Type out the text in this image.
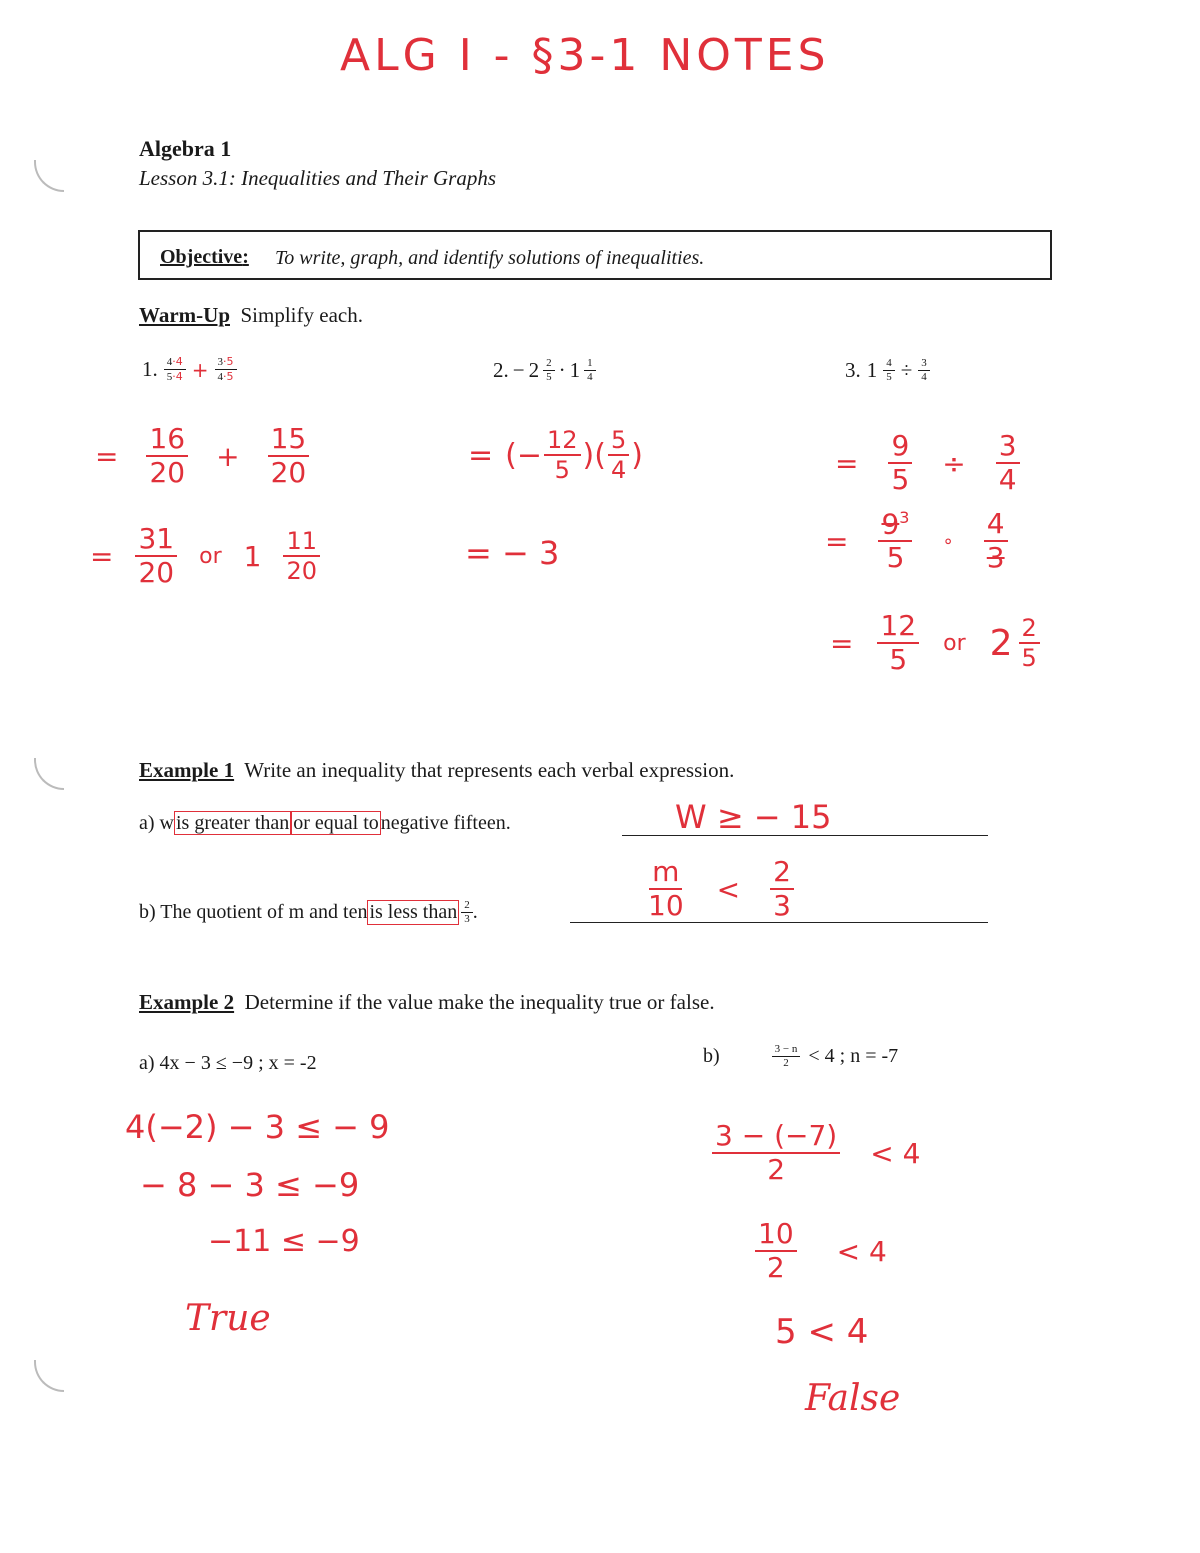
ALG I - §3-1 NOTES
Algebra 1
Lesson 3.1: Inequalities and Their Graphs
Objective: To write, graph, and identify solutions of inequalities.
Warm-Up Simplify each.
1. 4·4
$5\cdot 4 + \frac{3\cdot 5}{4\cdot 5}$
= $\frac{16}{20} + \frac{15}{20}$
= $\frac{31}{20}$ or 1 11
20
2. − 2 2
5 · 1 1
4
= (− $\frac{12}{5}$ )( 5
4 )
= − 3
3. $1 \frac{4}{5} \div \frac{3}{4}$
= $\frac{9}{5} \div \frac{3}{4}$
= $\frac{9^3}{5}$ ∘
4
3
= $\frac{12}{5}$ or 2 2
5
Example 1 Write an inequality that represents each verbal expression.
a) w is greater than or equal to negative fifteen.	W ≥ − 15
b) The quotient of m and ten is less than 2
3 .
m
10 <
2
3
Example 2 Determine if the value make the inequality true or false.
a) 4x − 3 ≤ −9 ; x = -2
4(−2) − 3 ≤ − 9
− 8 − 3 ≤ −9
−11 ≤ −9
True
b)	3 − n
2 < 4 ; n = -7
3 − (−7)
2	< 4
10
2 < 4
5 < 4
False
